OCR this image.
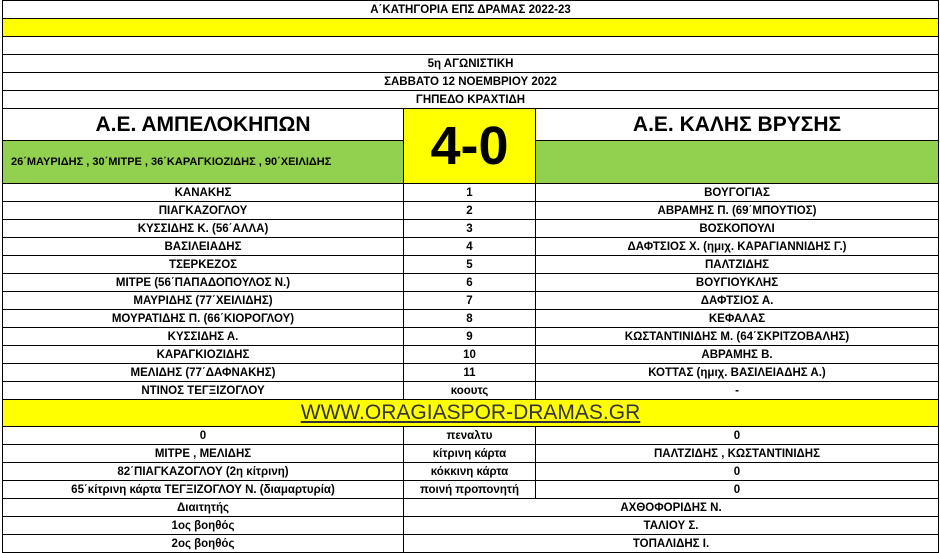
Α΄ΚΑΤΗΓΟΡΙΑ ΕΠΣ ΔΡΑΜΑΣ 2022-23		

5η ΑΓΩΝΙΣΤΙΚΗ		
ΣΑΒΒΑΤΟ 12 ΝΟΕΜΒΡΙΟΥ 2022		
ΓΗΠΕΔΟ ΚΡΑΧΤΙΔΗ		
Α.Ε. ΑΜΠΕΛΟΚΗΠΩΝ	4-0	Α.Ε. ΚΑΛΗΣ ΒΡΥΣΗΣ
26΄ΜΑΥΡΙΔΗΣ , 30΄ΜΙΤΡΕ , 36΄ΚΑΡΑΓΚΙΟΖΙΔΗΣ , 90΄ΧΕΙΛΙΔΗΣ		
ΚΑΝΑΚΗΣ	1	ΒΟΥΓΟΓΙΑΣ
ΠΙΑΓΚΑΖΟΓΛΟΥ	2	ΑΒΡΑΜΗΣ Π. (69΄ΜΠΟΥΤΙΟΣ)
ΚΥΣΣΙΔΗΣ Κ. (56΄ΑΛΛΑ)	3	ΒΟΣΚΟΠΟΥΛΙ
ΒΑΣΙΛΕΙΑΔΗΣ	4	ΔΑΦΤΣΙΟΣ Χ. (ημιχ. ΚΑΡΑΓΙΑΝΝΙΔΗΣ Γ.)
ΤΣΕΡΚΕΖΟΣ	5	ΠΑΛΤΖΙΔΗΣ
ΜΙΤΡΕ (56΄ΠΑΠΑΔΟΠΟΥΛΟΣ Ν.)	6	ΒΟΥΓΙΟΥΚΛΗΣ
ΜΑΥΡΙΔΗΣ (77΄ΧΕΙΛΙΔΗΣ)	7	ΔΑΦΤΣΙΟΣ Α.
ΜΟΥΡΑΤΙΔΗΣ Π. (66΄ΚΙΟΡΟΓΛΟΥ)	8	ΚΕΦΑΛΑΣ
ΚΥΣΣΙΔΗΣ Α.	9	ΚΩΣΤΑΝΤΙΝΙΔΗΣ Μ. (64΄ΣΚΡΙΤΖΟΒΑΛΗΣ)
ΚΑΡΑΓΚΙΟΖΙΔΗΣ	10	ΑΒΡΑΜΗΣ Β.
ΜΕΛΙΔΗΣ (77΄ΔΑΦΝΑΚΗΣ)	11	ΚΟΤΤΑΣ (ημιχ. ΒΑΣΙΛΕΙΑΔΗΣ Α.)
ΝΤΙΝΟΣ ΤΕΓΞΙΖΟΓΛΟΥ	κοουτς	-
WWW.ORAGIASPOR-DRAMAS.GR		
0	πεναλτυ	0
ΜΙΤΡΕ , ΜΕΛΙΔΗΣ	κίτρινη κάρτα	ΠΑΛΤΖΙΔΗΣ , ΚΩΣΤΑΝΤΙΝΙΔΗΣ
82΄ΠΙΑΓΚΑΖΟΓΛΟΥ (2η κίτρινη)	κόκκινη κάρτα	0
65΄κίτρινη κάρτα ΤΕΓΞΙΖΟΓΛΟΥ Ν. (διαμαρτυρία)	ποινή προπονητή	0
Διαιτητής	ΑΧΘΟΦΟΡΙΔΗΣ Ν.	
1ος βοηθός	ΤΑΛΙΟΥ Σ.	
2ος βοηθός	ΤΟΠΑΛΙΔΗΣ Ι.	
